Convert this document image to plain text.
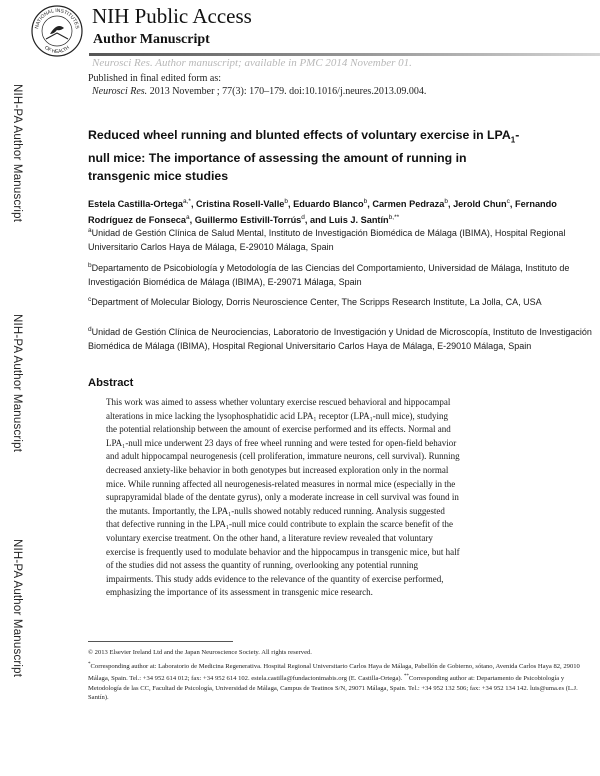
NIH-PA Author Manuscript
NIH-PA Author Manuscript
NIH-PA Author Manuscript
NATIONAL INSTITUTES
OF HEALTH
NIH Public Access
Author Manuscript
Neurosci Res. Author manuscript; available in PMC 2014 November 01.
Published in final edited form as:
Neurosci Res. 2013 November ; 77(3): 170–179. doi:10.1016/j.neures.2013.09.004.
Reduced wheel running and blunted effects of voluntary exercise in $LPA_1$-null mice: The importance of assessing the amount of running in transgenic mice studies
Estela Castilla-Ortega$^{a,*}$, Cristina Rosell-Valle$^b$, Eduardo Blanco$^b$, Carmen Pedraza$^b$, Jerold Chun$^c$, Fernando Rodríguez de Fonseca$^a$, Guillermo Estivill-Torrús$^d$, and Luis J. Santín$^{b,**}$
$^a$Unidad de Gestión Clínica de Salud Mental, Instituto de Investigación Biomédica de Málaga (IBIMA), Hospital Regional Universitario Carlos Haya de Málaga, E-29010 Málaga, Spain
$^b$Departamento de Psicobiología y Metodología de las Ciencias del Comportamiento, Universidad de Málaga, Instituto de Investigación Biomédica de Málaga (IBIMA), E-29071 Málaga, Spain
$^c$Department of Molecular Biology, Dorris Neuroscience Center, The Scripps Research Institute, La Jolla, CA, USA
$^d$Unidad de Gestión Clínica de Neurociencias, Laboratorio de Investigación y Unidad de Microscopía, Instituto de Investigación Biomédica de Málaga (IBIMA), Hospital Regional Universitario Carlos Haya de Málaga, E-29010 Málaga, Spain
Abstract
This work was aimed to assess whether voluntary exercise rescued behavioral and hippocampal
alterations in mice lacking the lysophosphatidic acid LPA₁ receptor (LPA₁-null mice), studying
the potential relationship between the amount of exercise performed and its effects. Normal and
LPA₁-null mice underwent 23 days of free wheel running and were tested for open-field behavior
and adult hippocampal neurogenesis (cell proliferation, immature neurons, cell survival). Running
decreased anxiety-like behavior in both genotypes but increased exploration only in the normal
mice. While running affected all neurogenesis-related measures in normal mice (especially in the
suprapyramidal blade of the dentate gyrus), only a moderate increase in cell survival was found in
the mutants. Importantly, the LPA₁-nulls showed notably reduced running. Analysis suggested
that defective running in the LPA₁-null mice could contribute to explain the scarce benefit of the
voluntary exercise treatment. On the other hand, a literature review revealed that voluntary
exercise is frequently used to modulate behavior and the hippocampus in transgenic mice, but half
of the studies did not assess the quantity of running, overlooking any potential running
impairments. This study adds evidence to the relevance of the quantity of exercise performed,
emphasizing the importance of its assessment in transgenic mice research.
© 2013 Elsevier Ireland Ltd and the Japan Neuroscience Society. All rights reserved.
*Corresponding author at: Laboratorio de Medicina Regenerativa. Hospital Regional Universitario Carlos Haya de Málaga, Pabellón de Gobierno, sótano, Avenida Carlos Haya 82, 29010 Málaga, Spain. Tel.: +34 952 614 012; fax: +34 952 614 102. estela.castilla@fundacionimabis.org (E. Castilla-Ortega). **Corresponding author at: Departamento de Psicobiología y Metodología de las CC, Facultad de Psicología, Universidad de Málaga, Campus de Teatinos S/N, 29071 Málaga, Spain. Tel.: +34 952 132 506; fax: +34 952 134 142. luis@uma.es (L.J. Santín).
